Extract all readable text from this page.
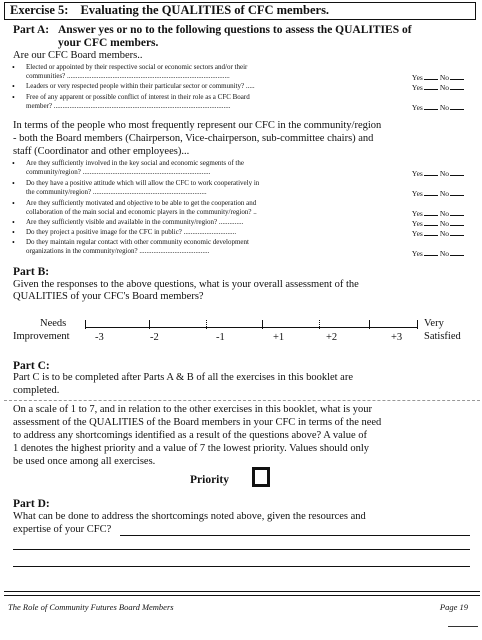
Exercise 5: Evaluating the QUALITIES of CFC members.
Part A: Answer yes or no to the following questions to assess the QUALITIES of
your CFC members.
Are our CFC Board members..
• Elected or appointed by their respective social or economic sectors and/or their
communities? .............................................................................................	Yes No
• Leaders or very respected people within their particular sector or community? .....	Yes No
• Free of any apparent or possible conflict of interest in their role as a CFC Board
member? .....................................................................................................	Yes No
In terms of the people who most frequently represent our CFC in the community/region
- both the Board members (Chairperson, Vice-chairperson, sub-committee chairs) and
staff (Coordinator and other employees)...
• Are they sufficiently involved in the key social and economic segments of the
community/region? .........................................................................	Yes No
• Do they have a positive attitude which will allow the CFC to work cooperatively in
the community/region? .................................................................	Yes No
• Are they sufficiently motivated and objective to be able to get the cooperation and
collaboration of the main social and economic players in the community/region? ..	Yes No
• Are they sufficiently visible and available in the community/region? ..............	Yes No
• Do they project a positive image for the CFC in public? ..............................	Yes No
• Do they maintain regular contact with other community economic development
organizations in the community/region? ........................................	Yes No
Part B:
Given the responses to the above questions, what is your overall assessment of the
QUALITIES of your CFC's Board members?
Needs
Improvement
Very
Satisfied
-3	-2	-1	+1	+2	+3
Part C:
Part C is to be completed after Parts A & B of all the exercises in this booklet are
completed.
On a scale of 1 to 7, and in relation to the other exercises in this booklet, what is your
assessment of the QUALITIES of the Board members in your CFC in terms of the need
to address any shortcomings identified as a result of the questions above? A value of
1 denotes the highest priority and a value of 7 the lowest priority. Values should only
be used once among all exercises.
Priority
Part D:
What can be done to address the shortcomings noted above, given the resources and
expertise of your CFC?
The Role of Community Futures Board Members	Page 19
